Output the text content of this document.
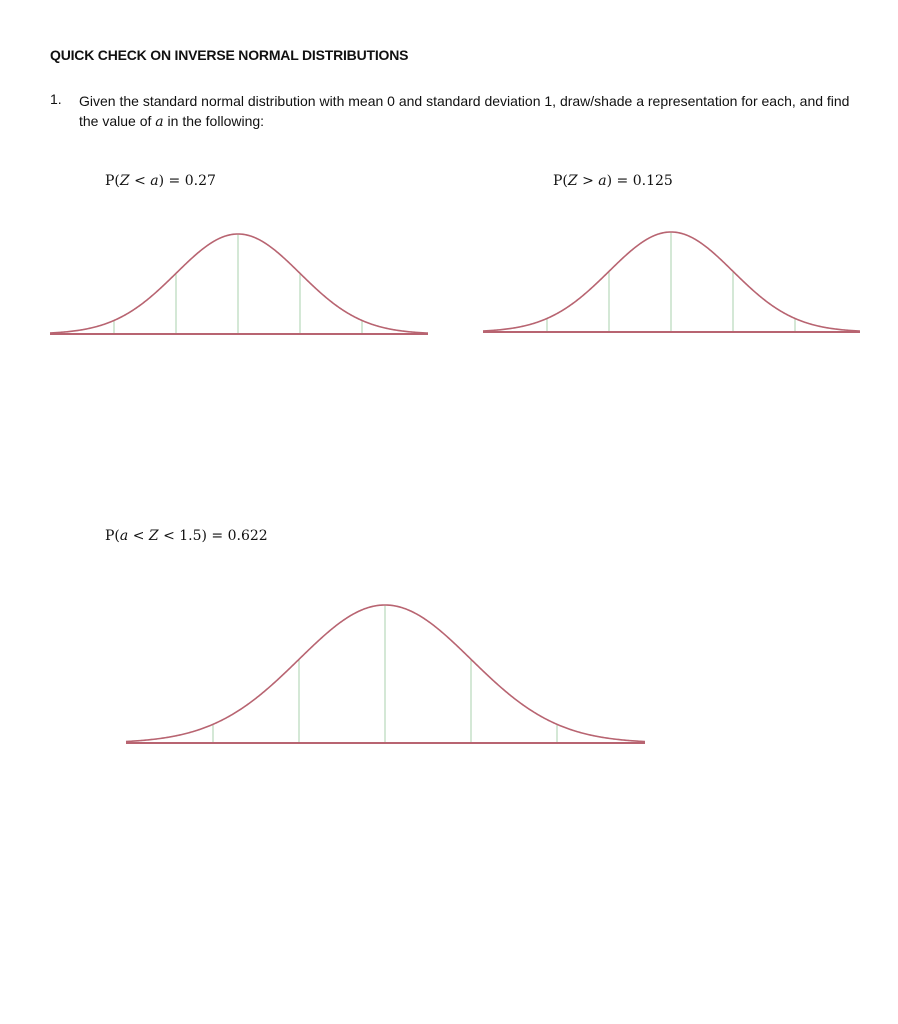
QUICK CHECK ON INVERSE NORMAL DISTRIBUTIONS
1. Given the standard normal distribution with mean 0 and standard deviation 1, draw/shade a representation for each, and find the value of a in the following:
P(Z < a) = 0.27	P(Z > a) = 0.125
P(a < Z < 1.5) = 0.622
